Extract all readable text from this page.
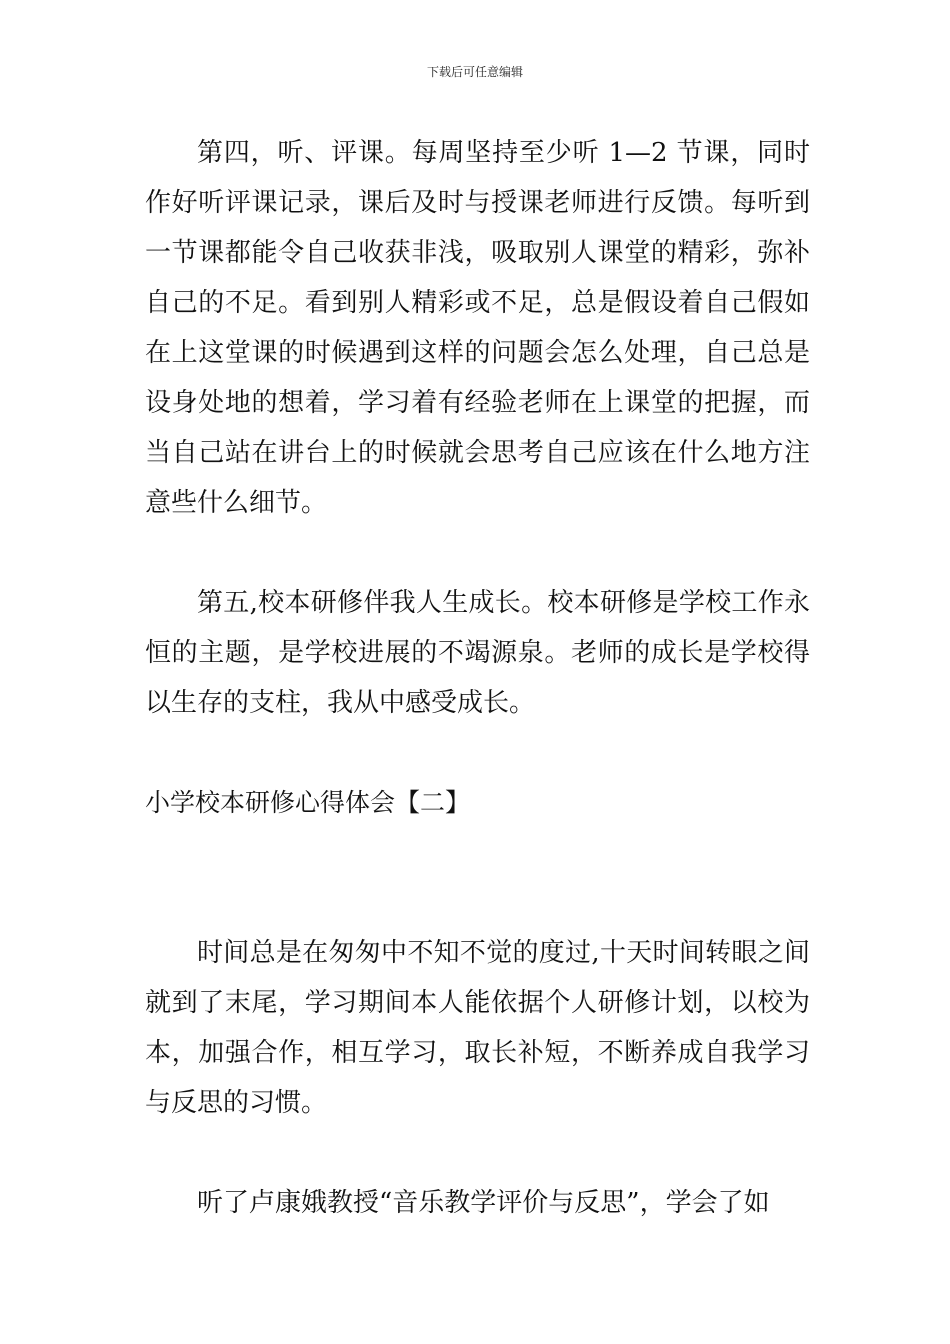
下载后可任意编辑

第四，听、评课。每周坚持至少听 1—2 节课，同时作好听评课记录，课后及时与授课老师进行反馈。每听到一节课都能令自己收获非浅，吸取别人课堂的精彩，弥补自己的不足。看到别人精彩或不足，总是假设着自己假如在上这堂课的时候遇到这样的问题会怎么处理，自己总是设身处地的想着，学习着有经验老师在上课堂的把握，而当自己站在讲台上的时候就会思考自己应该在什么地方注意些什么细节。

第五,校本研修伴我人生成长。校本研修是学校工作永恒的主题，是学校进展的不竭源泉。老师的成长是学校得以生存的支柱，我从中感受成长。

小学校本研修心得体会【二】

时间总是在匆匆中不知不觉的度过,十天时间转眼之间就到了末尾，学习期间本人能依据个人研修计划，以校为本，加强合作，相互学习，取长补短，不断养成自我学习与反思的习惯。

听了卢康娥教授“音乐教学评价与反思”，学会了如
